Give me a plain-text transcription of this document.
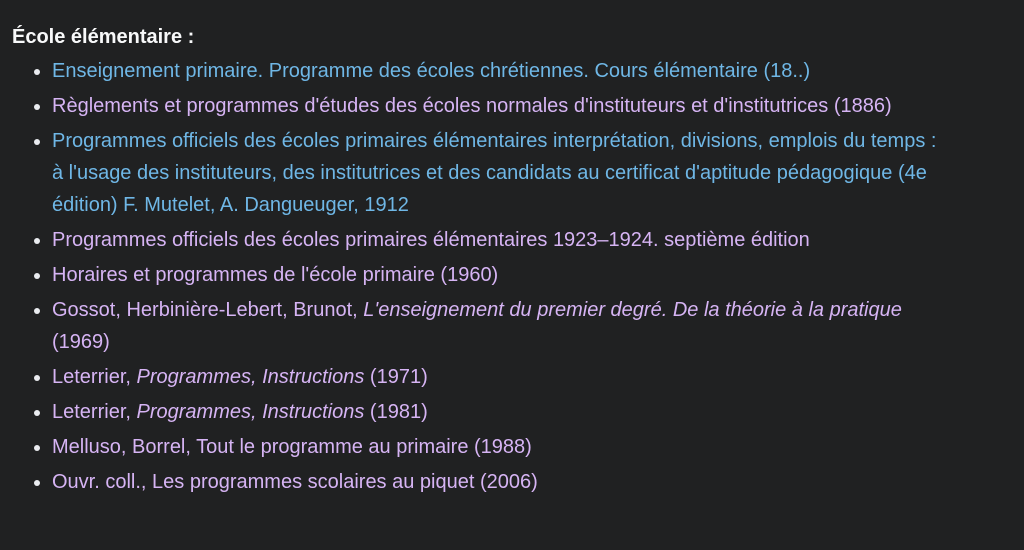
École élémentaire :
Enseignement primaire. Programme des écoles chrétiennes. Cours élémentaire (18..)
Règlements et programmes d'études des écoles normales d'instituteurs et d'institutrices (1886)
Programmes officiels des écoles primaires élémentaires interprétation, divisions, emplois du temps : à l'usage des instituteurs, des institutrices et des candidats au certificat d'aptitude pédagogique (4e édition) F. Mutelet, A. Dangueuger, 1912
Programmes officiels des écoles primaires élémentaires 1923–1924. septième édition
Horaires et programmes de l'école primaire (1960)
Gossot, Herbinière-Lebert, Brunot, L'enseignement du premier degré. De la théorie à la pratique (1969)
Leterrier, Programmes, Instructions (1971)
Leterrier, Programmes, Instructions (1981)
Melluso, Borrel, Tout le programme au primaire (1988)
Ouvr. coll., Les programmes scolaires au piquet (2006)
